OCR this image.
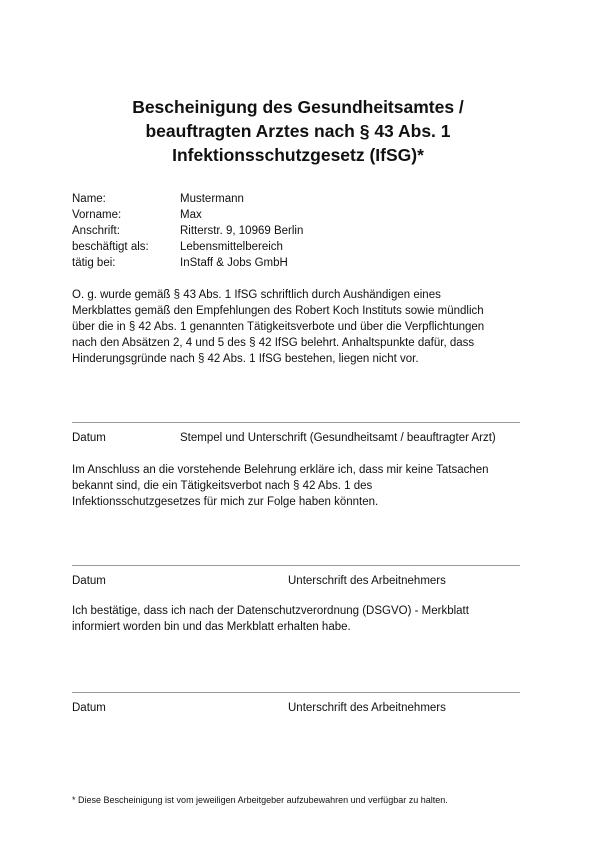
Bescheinigung des Gesundheitsamtes /
beauftragten Arztes nach § 43 Abs. 1
Infektionsschutzgesetz (IfSG)*
Name:	Mustermann
Vorname:	Max
Anschrift:	Ritterstr. 9, 10969 Berlin
beschäftigt als:	Lebensmittelbereich
tätig bei:	InStaff & Jobs GmbH

O. g. wurde gemäß § 43 Abs. 1 IfSG schriftlich durch Aushändigen eines
Merkblattes gemäß den Empfehlungen des Robert Koch Instituts sowie mündlich
über die in § 42 Abs. 1 genannten Tätigkeitsverbote und über die Verpflichtungen
nach den Absätzen 2, 4 und 5 des § 42 IfSG belehrt. Anhaltspunkte dafür, dass
Hinderungsgründe nach § 42 Abs. 1 IfSG bestehen, liegen nicht vor.

Datum	Stempel und Unterschrift (Gesundheitsamt / beauftragter Arzt)

Im Anschluss an die vorstehende Belehrung erkläre ich, dass mir keine Tatsachen
bekannt sind, die ein Tätigkeitsverbot nach § 42 Abs. 1 des
Infektionsschutzgesetzes für mich zur Folge haben könnten.

Datum	Unterschrift des Arbeitnehmers

Ich bestätige, dass ich nach der Datenschutzverordnung (DSGVO) - Merkblatt
informiert worden bin und das Merkblatt erhalten habe.

Datum	Unterschrift des Arbeitnehmers
* Diese Bescheinigung ist vom jeweiligen Arbeitgeber aufzubewahren und verfügbar zu halten.
